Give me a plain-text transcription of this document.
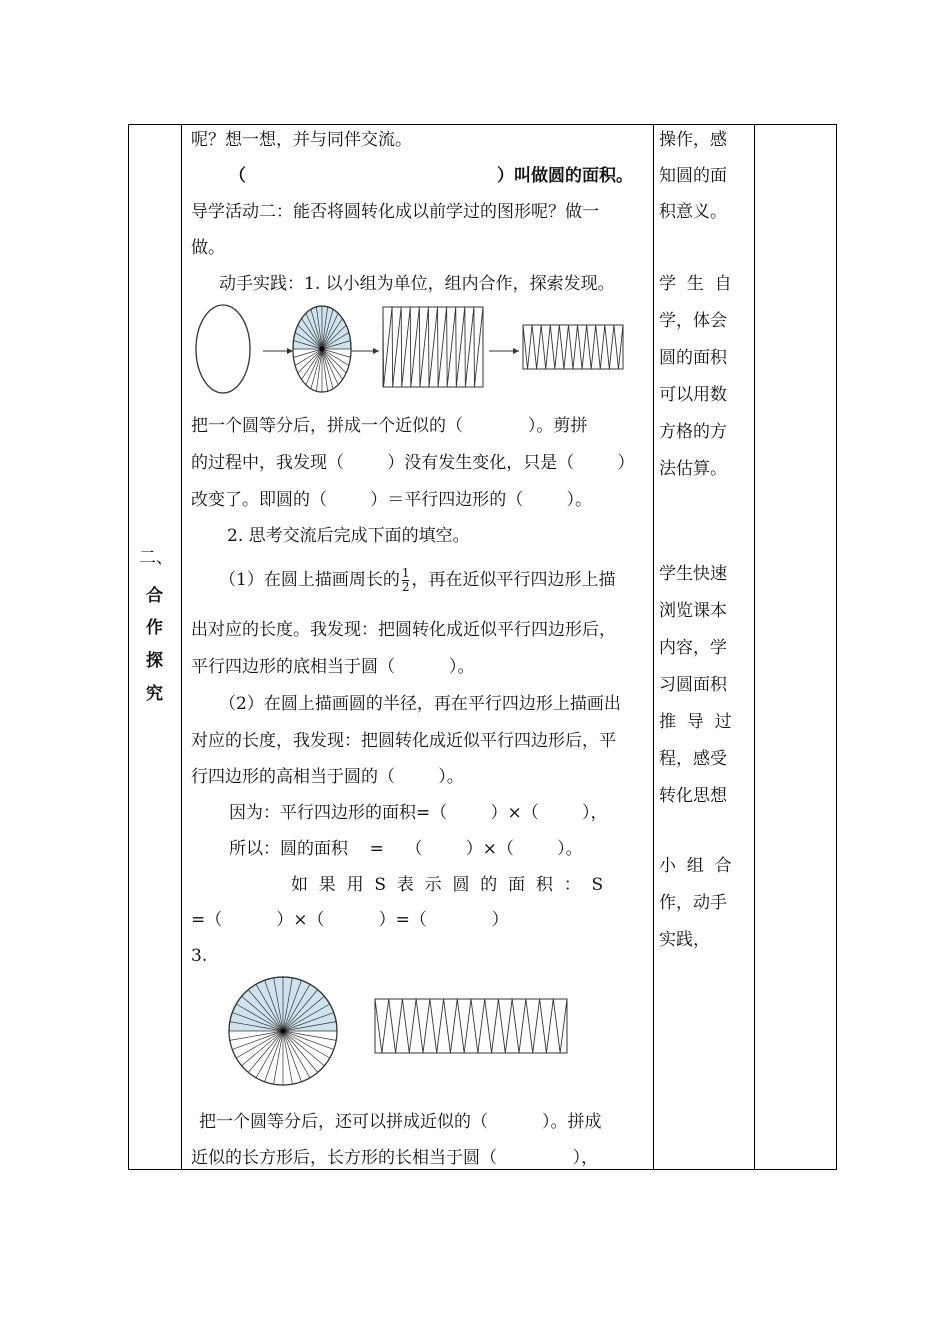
二、
合
作
探
究
呢？想一想，并与同伴交流。
（	）叫做圆的面积。
导学活动二：能否将圆转化成以前学过的图形呢？做一
做。
动手实践：1. 以小组为单位，组内合作，探索发现。
把一个圆等分后，拼成一个近似的（            ）。剪拼
的过程中，我发现（        ）没有发生变化，只是（        ）
改变了。即圆的（        ）＝平行四边形的（        ）。
2. 思考交流后完成下面的填空。
（1）在圆上描画周长的 $\frac{1}{2}$ ，再在近似平行四边形上描
出对应的长度。我发现：把圆转化成近似平行四边形后，
平行四边形的底相当于圆（          ）。
（2）在圆上描画圆的半径，再在平行四边形上描画出
对应的长度，我发现：把圆转化成近似平行四边形后，平
行四边形的高相当于圆的（        ）。
因为：平行四边形的面积=（        ）×（        ），
所以：圆的面积    =    （        ）×（        ）。
如  果  用  S  表  示  圆  的  面  积  ：  S
=（          ）×（          ）=（            ）
3.
把一个圆等分后，还可以拼成近似的（          ）。拼成
近似的长方形后，长方形的长相当于圆（              ），
操作，感
知圆的面
积意义。
学  生  自
学，体会
圆的面积
可以用数
方格的方
法估算。
学生快速
浏览课本
内容，学
习圆面积
推  导  过
程，感受
转化思想
小  组  合
作，动手
实践，
